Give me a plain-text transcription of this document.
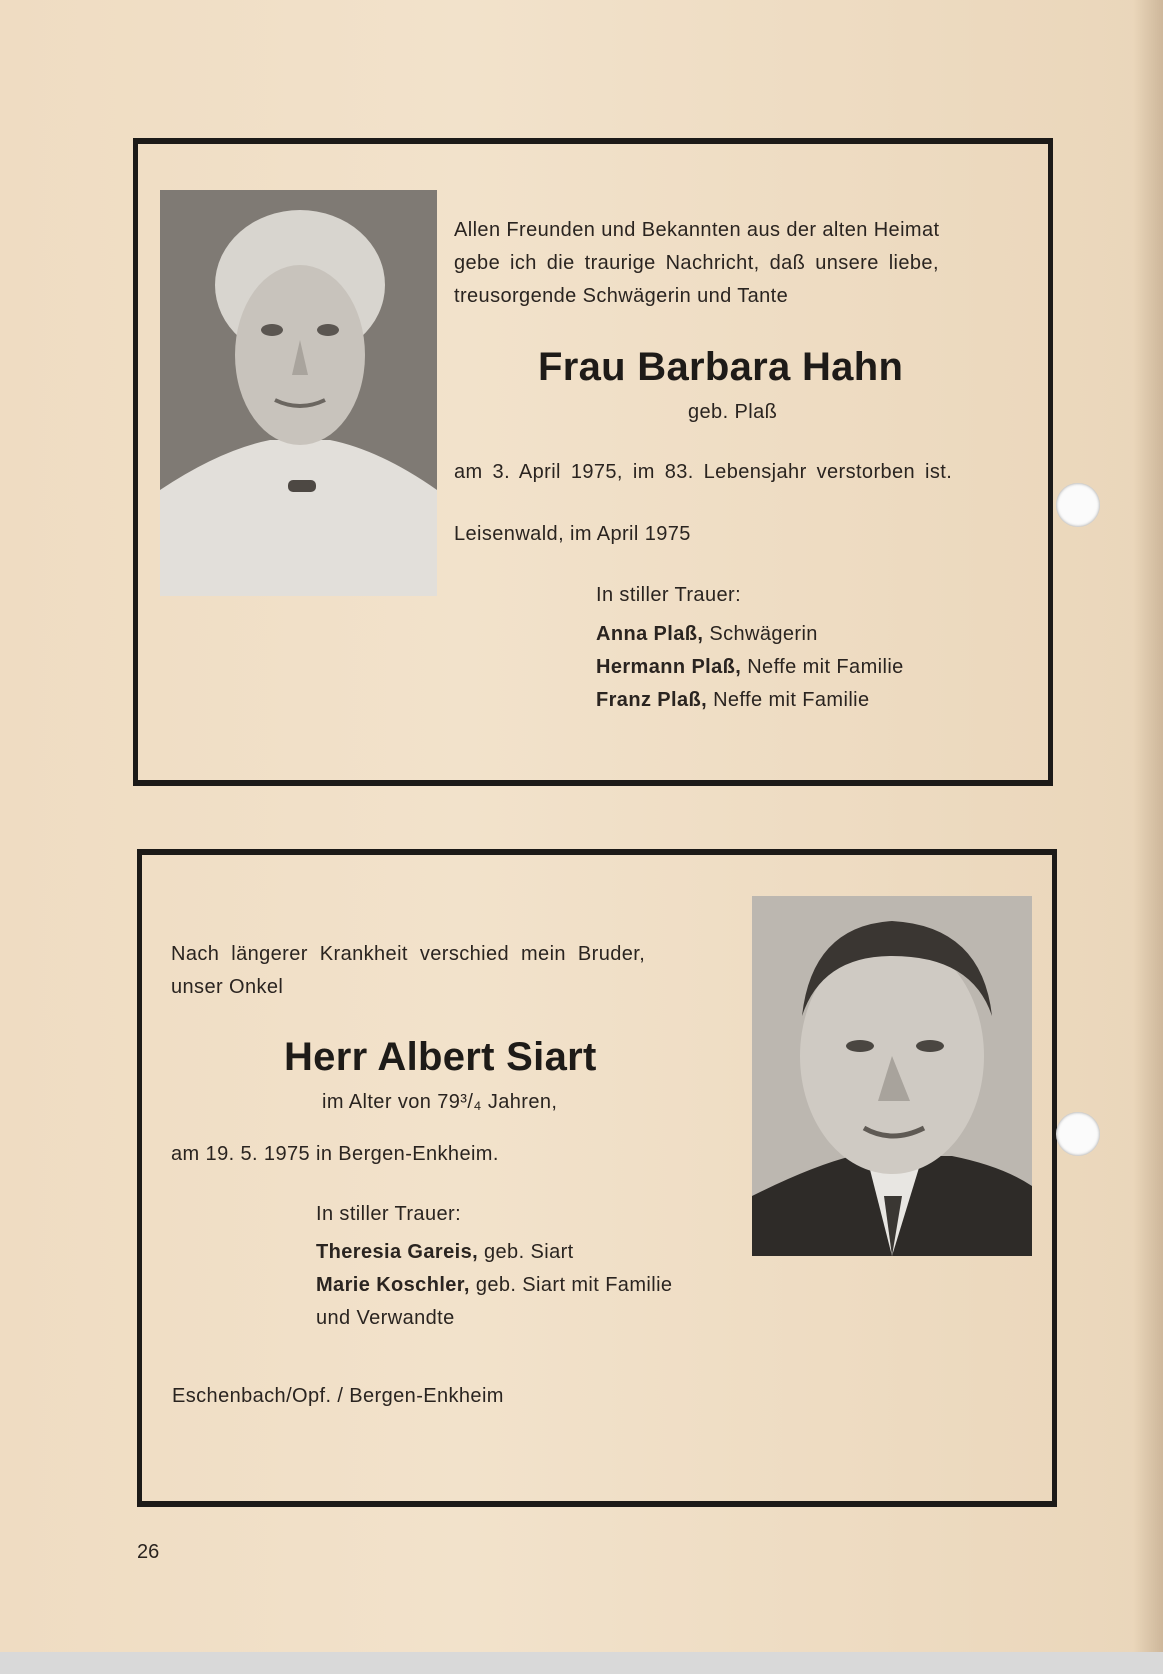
Allen Freunden und Bekannten aus der alten Heimat
gebe ich die traurige Nachricht, daß unsere liebe,
treusorgende Schwägerin und Tante
Frau Barbara Hahn
geb. Plaß
am 3. April 1975, im 83. Lebensjahr verstorben ist.
Leisenwald, im April 1975
In stiller Trauer:
Anna Plaß, Schwägerin
Hermann Plaß, Neffe mit Familie
Franz Plaß, Neffe mit Familie
Nach längerer Krankheit verschied mein Bruder,
unser Onkel
Herr Albert Siart
im Alter von 79³/₄ Jahren,
am 19. 5. 1975 in Bergen-Enkheim.
In stiller Trauer:
Theresia Gareis, geb. Siart
Marie Koschler, geb. Siart mit Familie
und Verwandte
Eschenbach/Opf. / Bergen-Enkheim
26
